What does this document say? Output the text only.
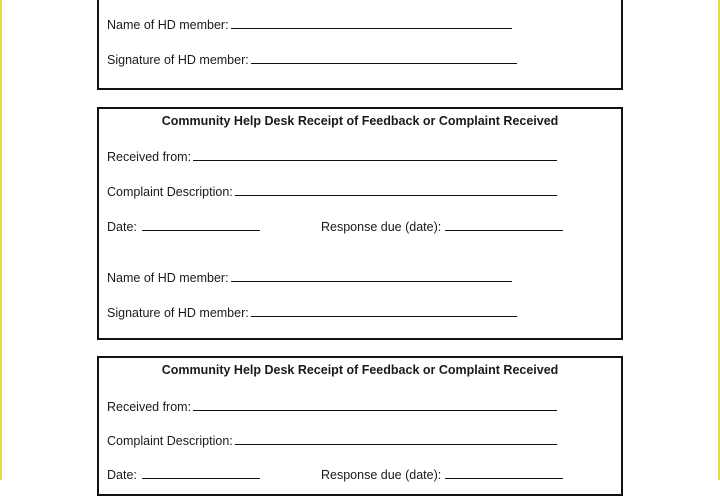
Name of HD member:
Signature of HD member:
Community Help Desk Receipt of Feedback or Complaint Received
Received from:
Complaint Description:
Date:	Response due (date):
Name of HD member:
Signature of HD member:
Community Help Desk Receipt of Feedback or Complaint Received
Received from:
Complaint Description:
Date:	Response due (date):
